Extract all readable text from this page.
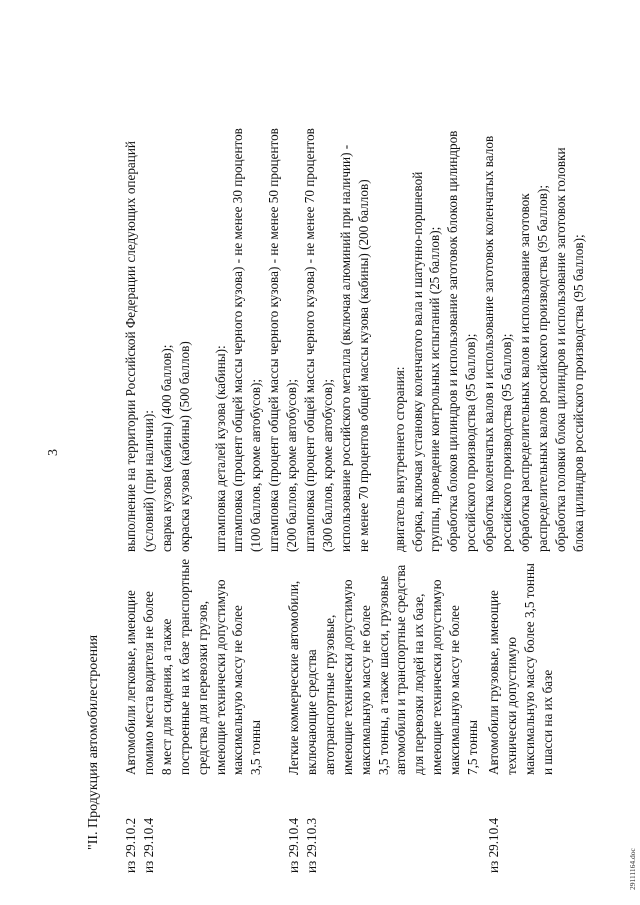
3
"II. Продукция автомобилестроения из 29.10.2 из 29.10.4
Автомобили легковые, имеющие помимо места водителя не более 8 мест для сидения, а также построенные на их базе транспортные средства для перевозки грузов, имеющие технически допустимую максимальную массу не более 3,5 тонны
выполнение на территории Российской Федерации следующих операций (условий) (при наличии): сварка кузова (кабины) (400 баллов); окраска кузова (кабины) (500 баллов)
штамповка деталей кузова (кабины): штамповка (процент общей массы черного кузова) - не менее 30 процентов (100 баллов, кроме автобусов); штамповка (процент общей массы черного кузова) - не менее 50 процентов (200 баллов, кроме автобусов); штамповка (процент общей массы черного кузова) - не менее 70 процентов (300 баллов, кроме автобусов); использование российского металла (включая алюминий при наличии) - не менее 70 процентов общей массы кузова (кабины) (200 баллов)
двигатель внутреннего сгорания: сборка, включая установку коленчатого вала и шатунно-поршневой группы, проведение контрольных испытаний (25 баллов); обработка блоков цилиндров и использование заготовок блоков цилиндров российского производства (95 баллов); обработка коленчатых валов и использование заготовок коленчатых валов российского производства (95 баллов); обработка распределительных валов и использование заготовок распределительных валов российского производства (95 баллов); обработка головки блока цилиндров и использование заготовок головки блока цилиндров российского производства (95 баллов);
из 29.10.4 из 29.10.3
Легкие коммерческие автомобили, включающие средства автотранспортные грузовые, имеющие технически допустимую максимальную массу не более 3,5 тонны, а также шасси, грузовые автомобили и транспортные средства для перевозки людей на их базе, имеющие технически допустимую максимальную массу не более 7,5 тонны
из 29.10.4
Автомобили грузовые, имеющие технически допустимую максимальную массу более 3,5 тонны и шасси на их базе
29111164.doc
